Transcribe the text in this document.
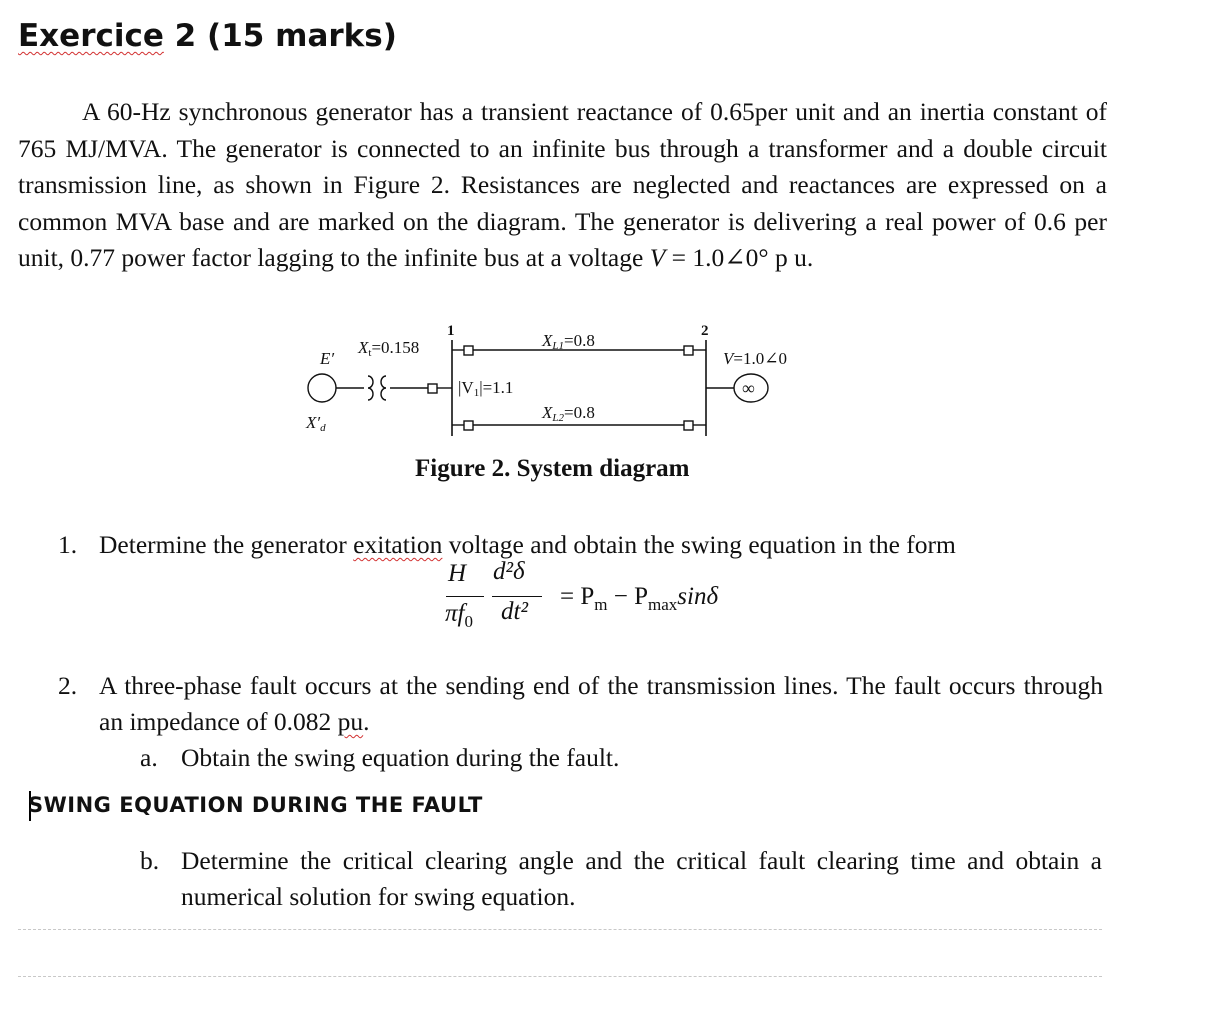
Exercice 2 (15 marks)

A 60-Hz synchronous generator has a transient reactance of 0.65per unit and an inertia constant of 765 MJ/MVA. The generator is connected to an infinite bus through a transformer and a double circuit transmission line, as shown in Figure 2. Resistances are neglected and reactances are expressed on a common MVA base and are marked on the diagram. The generator is delivering a real power of 0.6 per unit, 0.77 power factor lagging to the infinite bus at a voltage V = 1.0∠0° p u.

E′
Xt=0.158
1	2
XL1=0.8
XL2=0.8
|V1|=1.1
V=1.0∠0
∞
X′d
Figure 2. System diagram
1. Determine the generator exitation voltage and obtain the swing equation in the form
H d²δ
$\pi f_0$ dt²
= $P_m - P_{max}\sin\delta$
2. A three-phase fault occurs at the sending end of the transmission lines. The fault occurs through an impedance of 0.082 pu.
a. Obtain the swing equation during the fault.
SWING EQUATION DURING THE FAULT
b. Determine the critical clearing angle and the critical fault clearing time and obtain a numerical solution for swing equation.
